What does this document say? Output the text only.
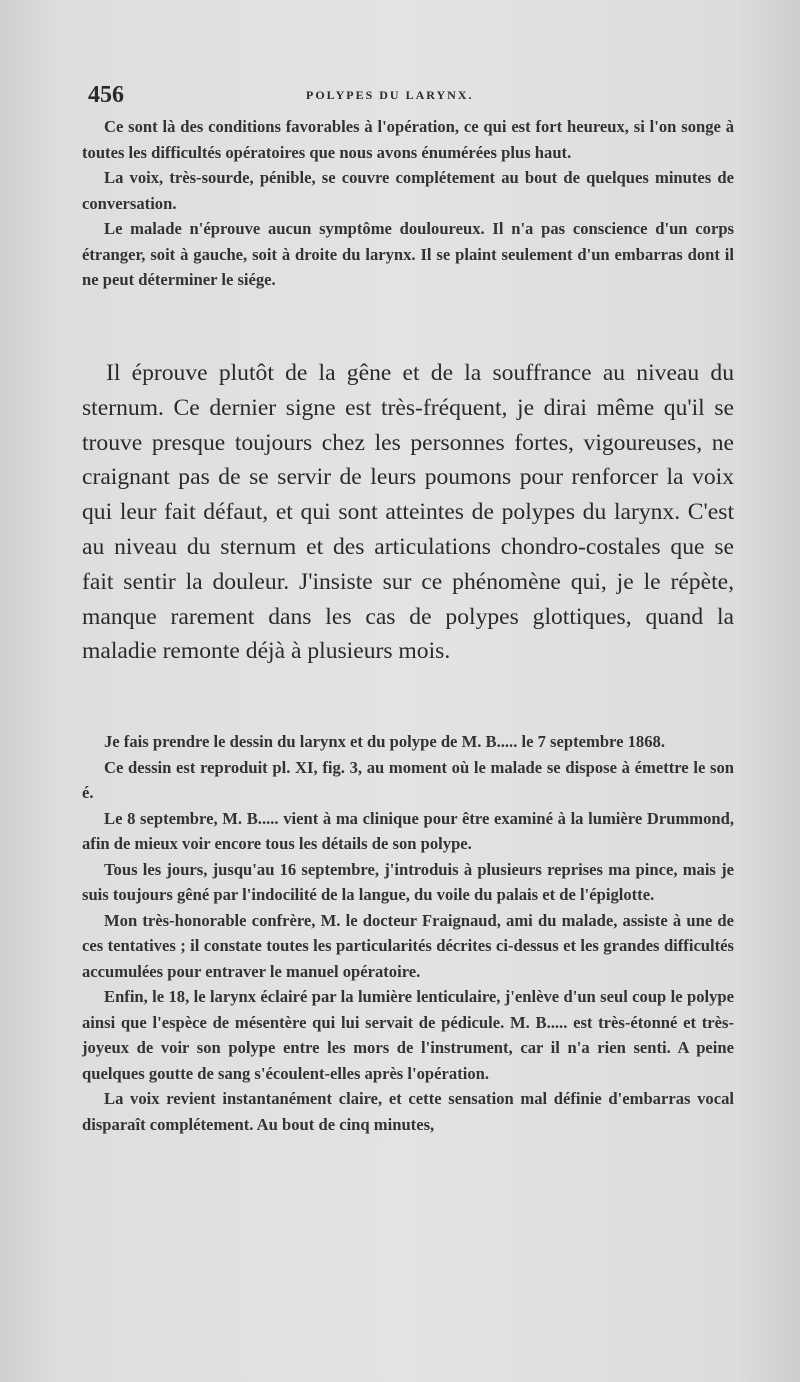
456	POLYPES DU LARYNX.

Ce sont là des conditions favorables à l'opération, ce qui est fort heureux, si l'on songe à toutes les difficultés opératoires que nous avons énumérées plus haut.

La voix, très-sourde, pénible, se couvre complétement au bout de quelques minutes de conversation.

Le malade n'éprouve aucun symptôme douloureux. Il n'a pas conscience d'un corps étranger, soit à gauche, soit à droite du larynx. Il se plaint seulement d'un embarras dont il ne peut déterminer le siége.

Il éprouve plutôt de la gêne et de la souffrance au niveau du sternum. Ce dernier signe est très-fréquent, je dirai même qu'il se trouve presque toujours chez les personnes fortes, vigoureuses, ne craignant pas de se servir de leurs poumons pour renforcer la voix qui leur fait défaut, et qui sont atteintes de polypes du larynx. C'est au niveau du sternum et des articulations chondro-costales que se fait sentir la douleur. J'insiste sur ce phénomène qui, je le répète, manque rarement dans les cas de polypes glottiques, quand la maladie remonte déjà à plusieurs mois.

Je fais prendre le dessin du larynx et du polype de M. B..... le 7 septembre 1868.

Ce dessin est reproduit pl. XI, fig. 3, au moment où le malade se dispose à émettre le son é.

Le 8 septembre, M. B..... vient à ma clinique pour être examiné à la lumière Drummond, afin de mieux voir encore tous les détails de son polype.

Tous les jours, jusqu'au 16 septembre, j'introduis à plusieurs reprises ma pince, mais je suis toujours gêné par l'indocilité de la langue, du voile du palais et de l'épiglotte.

Mon très-honorable confrère, M. le docteur Fraignaud, ami du malade, assiste à une de ces tentatives ; il constate toutes les particularités décrites ci-dessus et les grandes difficultés accumulées pour entraver le manuel opératoire.

Enfin, le 18, le larynx éclairé par la lumière lenticulaire, j'enlève d'un seul coup le polype ainsi que l'espèce de mésentère qui lui servait de pédicule. M. B..... est très-étonné et très-joyeux de voir son polype entre les mors de l'instrument, car il n'a rien senti. A peine quelques goutte de sang s'écoulent-elles après l'opération.

La voix revient instantanément claire, et cette sensation mal définie d'embarras vocal disparaît complétement. Au bout de cinq minutes,
